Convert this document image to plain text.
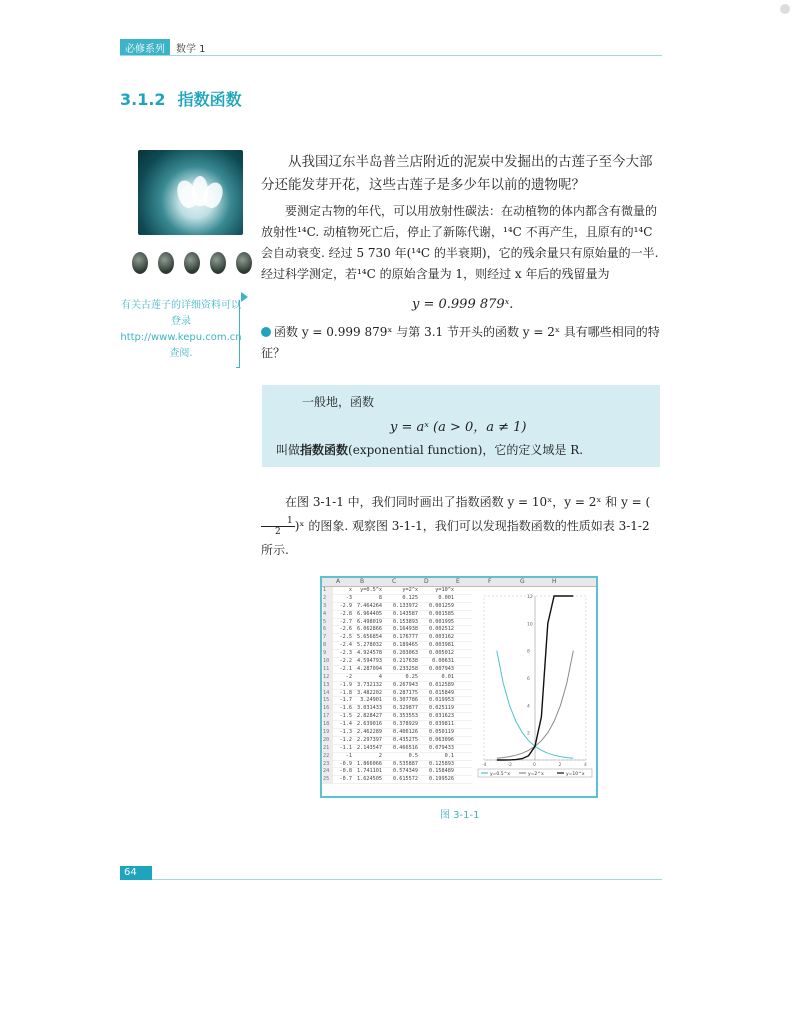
必修系列	数学 1
3.1.2 指数函数
有关古莲子的详细资料可以登录 http://www.kepu.com.cn 查阅.
从我国辽东半岛普兰店附近的泥炭中发掘出的古莲子至今大部分还能发芽开花，这些古莲子是多少年以前的遗物呢？
要测定古物的年代，可以用放射性碳法：在动植物的体内都含有微量的放射性¹⁴C. 动植物死亡后，停止了新陈代谢，¹⁴C 不再产生，且原有的¹⁴C 会自动衰变. 经过 5 730 年(¹⁴C 的半衰期)，它的残余量只有原始量的一半. 经过科学测定，若¹⁴C 的原始含量为 1，则经过 x 年后的残留量为
y = 0.999 879ˣ.
函数 y = 0.999 879ˣ 与第 3.1 节开头的函数 y = 2ˣ 具有哪些相同的特征？
一般地，函数
y = aˣ (a > 0，a ≠ 1)
叫做指数函数(exponential function)，它的定义域是 R.
在图 3-1-1 中，我们同时画出了指数函数 y = 10ˣ，y = 2ˣ 和 y = (
$\frac{1}{2})ˣ$ 的图象. 观察图 3-1-1，我们可以发现指数函数的性质如表 3-1-2 所示.
A	B	C	D	E	F	G	H
1	x	y=0.5^x	y=2^x	y=10^x
2	-3	8	0.125	0.001
3	-2.9 7.464264	0.133972	0.001259
4	-2.8 6.964405	0.143587	0.001585
5	-2.7 6.498019	0.153893	0.001995
6	-2.6 6.062866	0.164938	0.002512
7	-2.5 5.656854	0.176777	0.003162
8	-2.4 5.278032	0.189465	0.003981
9	-2.3 4.924578	0.203063	0.005012
10	-2.2 4.594793	0.217638	0.00631
11	-2.1 4.287094	0.233258	0.007943
12	-2	4	0.25	0.01
13	-1.9 3.732132	0.267943	0.012589
14	-1.8 3.482202	0.287175	0.015849
15	-1.7	3.24901	0.307786	0.019953
16	-1.6 3.031433	0.329877	0.025119
17	-1.5 2.828427	0.353553	0.031623
18	-1.4 2.639016	0.378929	0.039811
19	-1.3 2.462289	0.406126	0.050119
20	-1.2 2.297397	0.435275	0.063096
21	-1.1 2.143547	0.466516	0.079433
22	-1	2	0.5	0.1
23	-0.9 1.866066	0.535887	0.125893
24	-0.8 1.741101	0.574349	0.158489
25	-0.7 1.624505	0.615572	0.199526
2
4
6
8
10
12
-4	-2	0	2	4
y=0.5^x	y=2^x	y=10^x
图 3-1-1
64
